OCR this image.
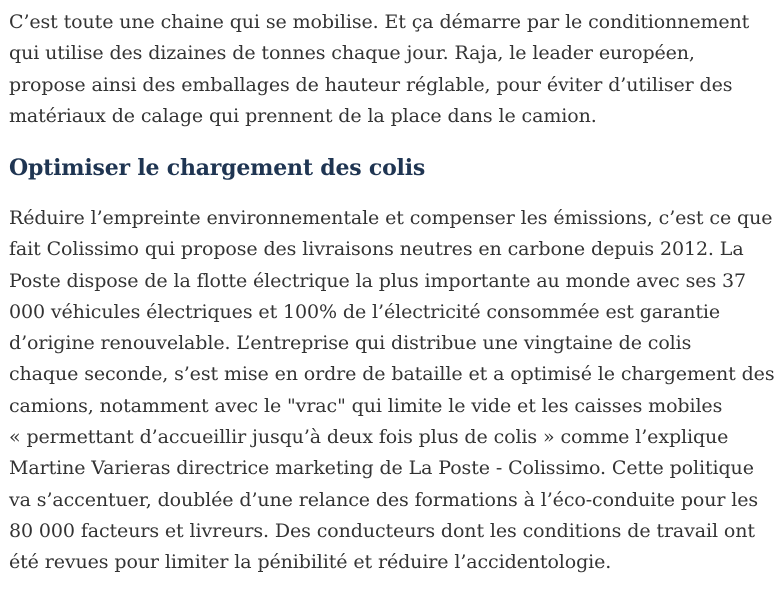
C’est toute une chaine qui se mobilise. Et ça démarre par le conditionnement
qui utilise des dizaines de tonnes chaque jour. Raja, le leader européen,
propose ainsi des emballages de hauteur réglable, pour éviter d’utiliser des
matériaux de calage qui prennent de la place dans le camion.
Optimiser le chargement des colis
Réduire l’empreinte environnementale et compenser les émissions, c’est ce que
fait Colissimo qui propose des livraisons neutres en carbone depuis 2012. La
Poste dispose de la flotte électrique la plus importante au monde avec ses 37
000 véhicules électriques et 100% de l’électricité consommée est garantie
d’origine renouvelable. L’entreprise qui distribue une vingtaine de colis
chaque seconde, s’est mise en ordre de bataille et a optimisé le chargement des
camions, notamment avec le "vrac" qui limite le vide et les caisses mobiles
« permettant d’accueillir jusqu’à deux fois plus de colis » comme l’explique
Martine Varieras directrice marketing de La Poste - Colissimo. Cette politique
va s’accentuer, doublée d’une relance des formations à l’éco-conduite pour les
80 000 facteurs et livreurs. Des conducteurs dont les conditions de travail ont
été revues pour limiter la pénibilité et réduire l’accidentologie.
